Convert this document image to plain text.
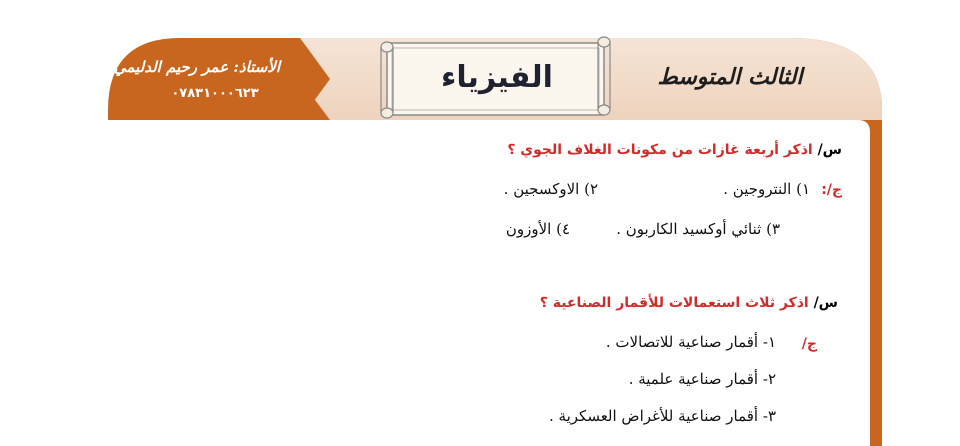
الأستاذ: عمر رحيم الدليمي
٠٧٨٣١٠٠٠٦٢٣	الفيزياء	الثالث المتوسط
س/ اذكر أربعة غازات من مكونات الغلاف الجوي ؟
ج/:
١) النتروجين .
٢) الاوكسجين .
٣) ثنائي أوكسيد الكاربون .
٤) الأوزون
س/ اذكر ثلاث استعمالات للأقمار الصناعية ؟
ج/
١- أقمار صناعية للاتصالات .
٢- أقمار صناعية علمية .
٣- أقمار صناعية للأغراض العسكرية .
